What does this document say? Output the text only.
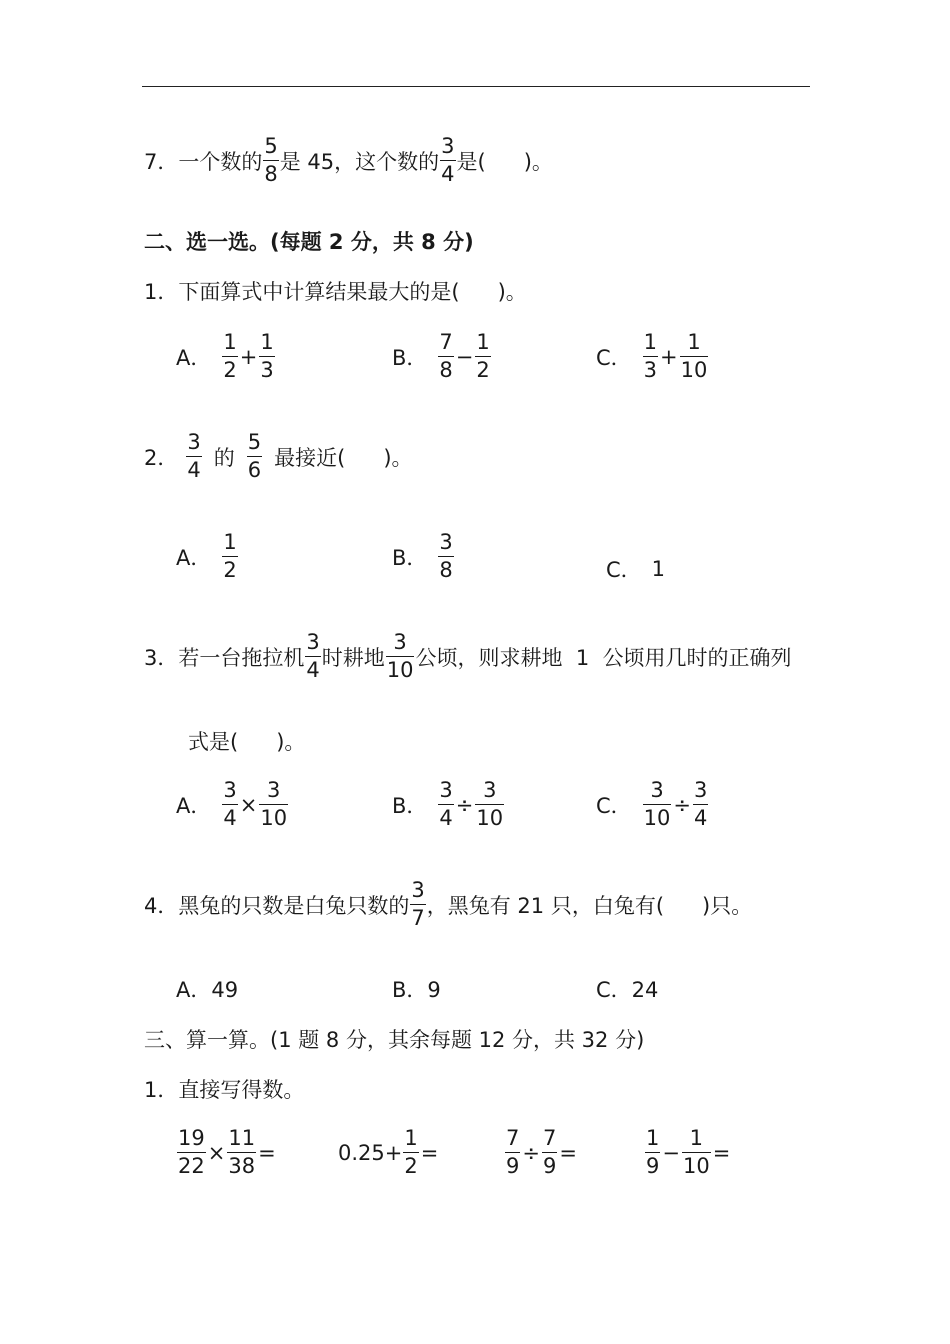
7． 一个数的 $\frac{5}{8}$ 是 45，这个数的 $\frac{3}{4}$ 是( )。
二、选一选。(每题 2 分，共 8 分)
1．下面算式中计算结果最大的是( )。
A． $\frac{1}{2} + \frac{1}{3}$	B． $\frac{7}{8} - \frac{1}{2}$	C． $\frac{1}{3} + \frac{1}{10}$
2． $\frac{3}{4}$ 的 $\frac{5}{6}$ 最接近( )。
A． $\frac{1}{2}$	B． $\frac{3}{8}$	C． 1
3．若一台拖拉机 $\frac{3}{4}$ 时耕地 $\frac{3}{10}$ 公顷，则求耕地  1  公顷用几时的正确列
式是( )。
A． $\frac{3}{4} \times \frac{3}{10}$	B． $\frac{3}{4} \div \frac{3}{10}$	C． $\frac{3}{10} \div \frac{3}{4}$
4．黑兔的只数是白兔只数的 $\frac{3}{7}$ ，黑兔有 21 只，白兔有( )只。
A．49	B．9	C．24
三、算一算。(1 题 8 分，其余每题 12 分，共 32 分)
1．直接写得数。
$\frac{19}{22} \times \frac{11}{38}$ =	$0.25+ \frac{1}{2}$ =	$\frac{7}{9} \div \frac{7}{9}$ =	$\frac{1}{9} - \frac{1}{10}$ =
